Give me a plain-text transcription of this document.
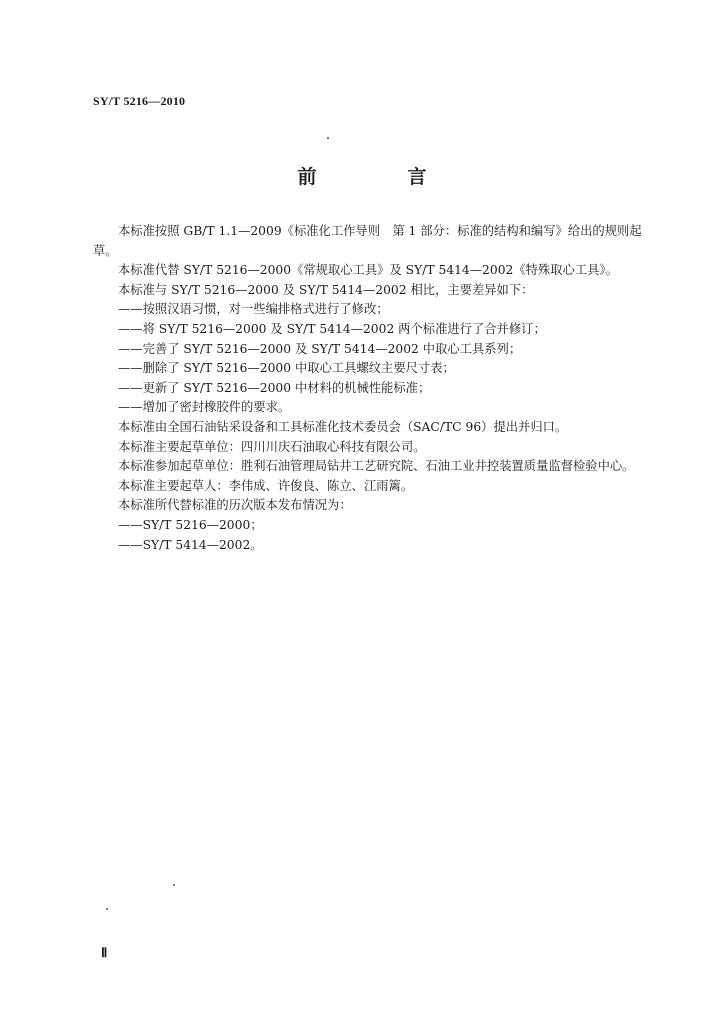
SY/T 5216—2010
前　言

本标准按照 GB/T 1.1—2009《标准化工作导则　第 1 部分：标准的结构和编写》给出的规则起草。

本标准代替 SY/T 5216—2000《常规取心工具》及 SY/T 5414—2002《特殊取心工具》。

本标准与 SY/T 5216—2000 及 SY/T 5414—2002 相比，主要差异如下：

——按照汉语习惯，对一些编排格式进行了修改；

——将 SY/T 5216—2000 及 SY/T 5414—2002 两个标准进行了合并修订；

——完善了 SY/T 5216—2000 及 SY/T 5414—2002 中取心工具系列；

——删除了 SY/T 5216—2000 中取心工具螺纹主要尺寸表；

——更新了 SY/T 5216—2000 中材料的机械性能标准；

——增加了密封橡胶件的要求。

本标准由全国石油钻采设备和工具标准化技术委员会（SAC/TC 96）提出并归口。

本标准主要起草单位：四川川庆石油取心科技有限公司。

本标准参加起草单位：胜利石油管理局钻井工艺研究院、石油工业井控装置质量监督检验中心。

本标准主要起草人：李伟成、许俊良、陈立、江雨篱。

本标准所代替标准的历次版本发布情况为：

——SY/T 5216—2000；

——SY/T 5414—2002。

Ⅱ
